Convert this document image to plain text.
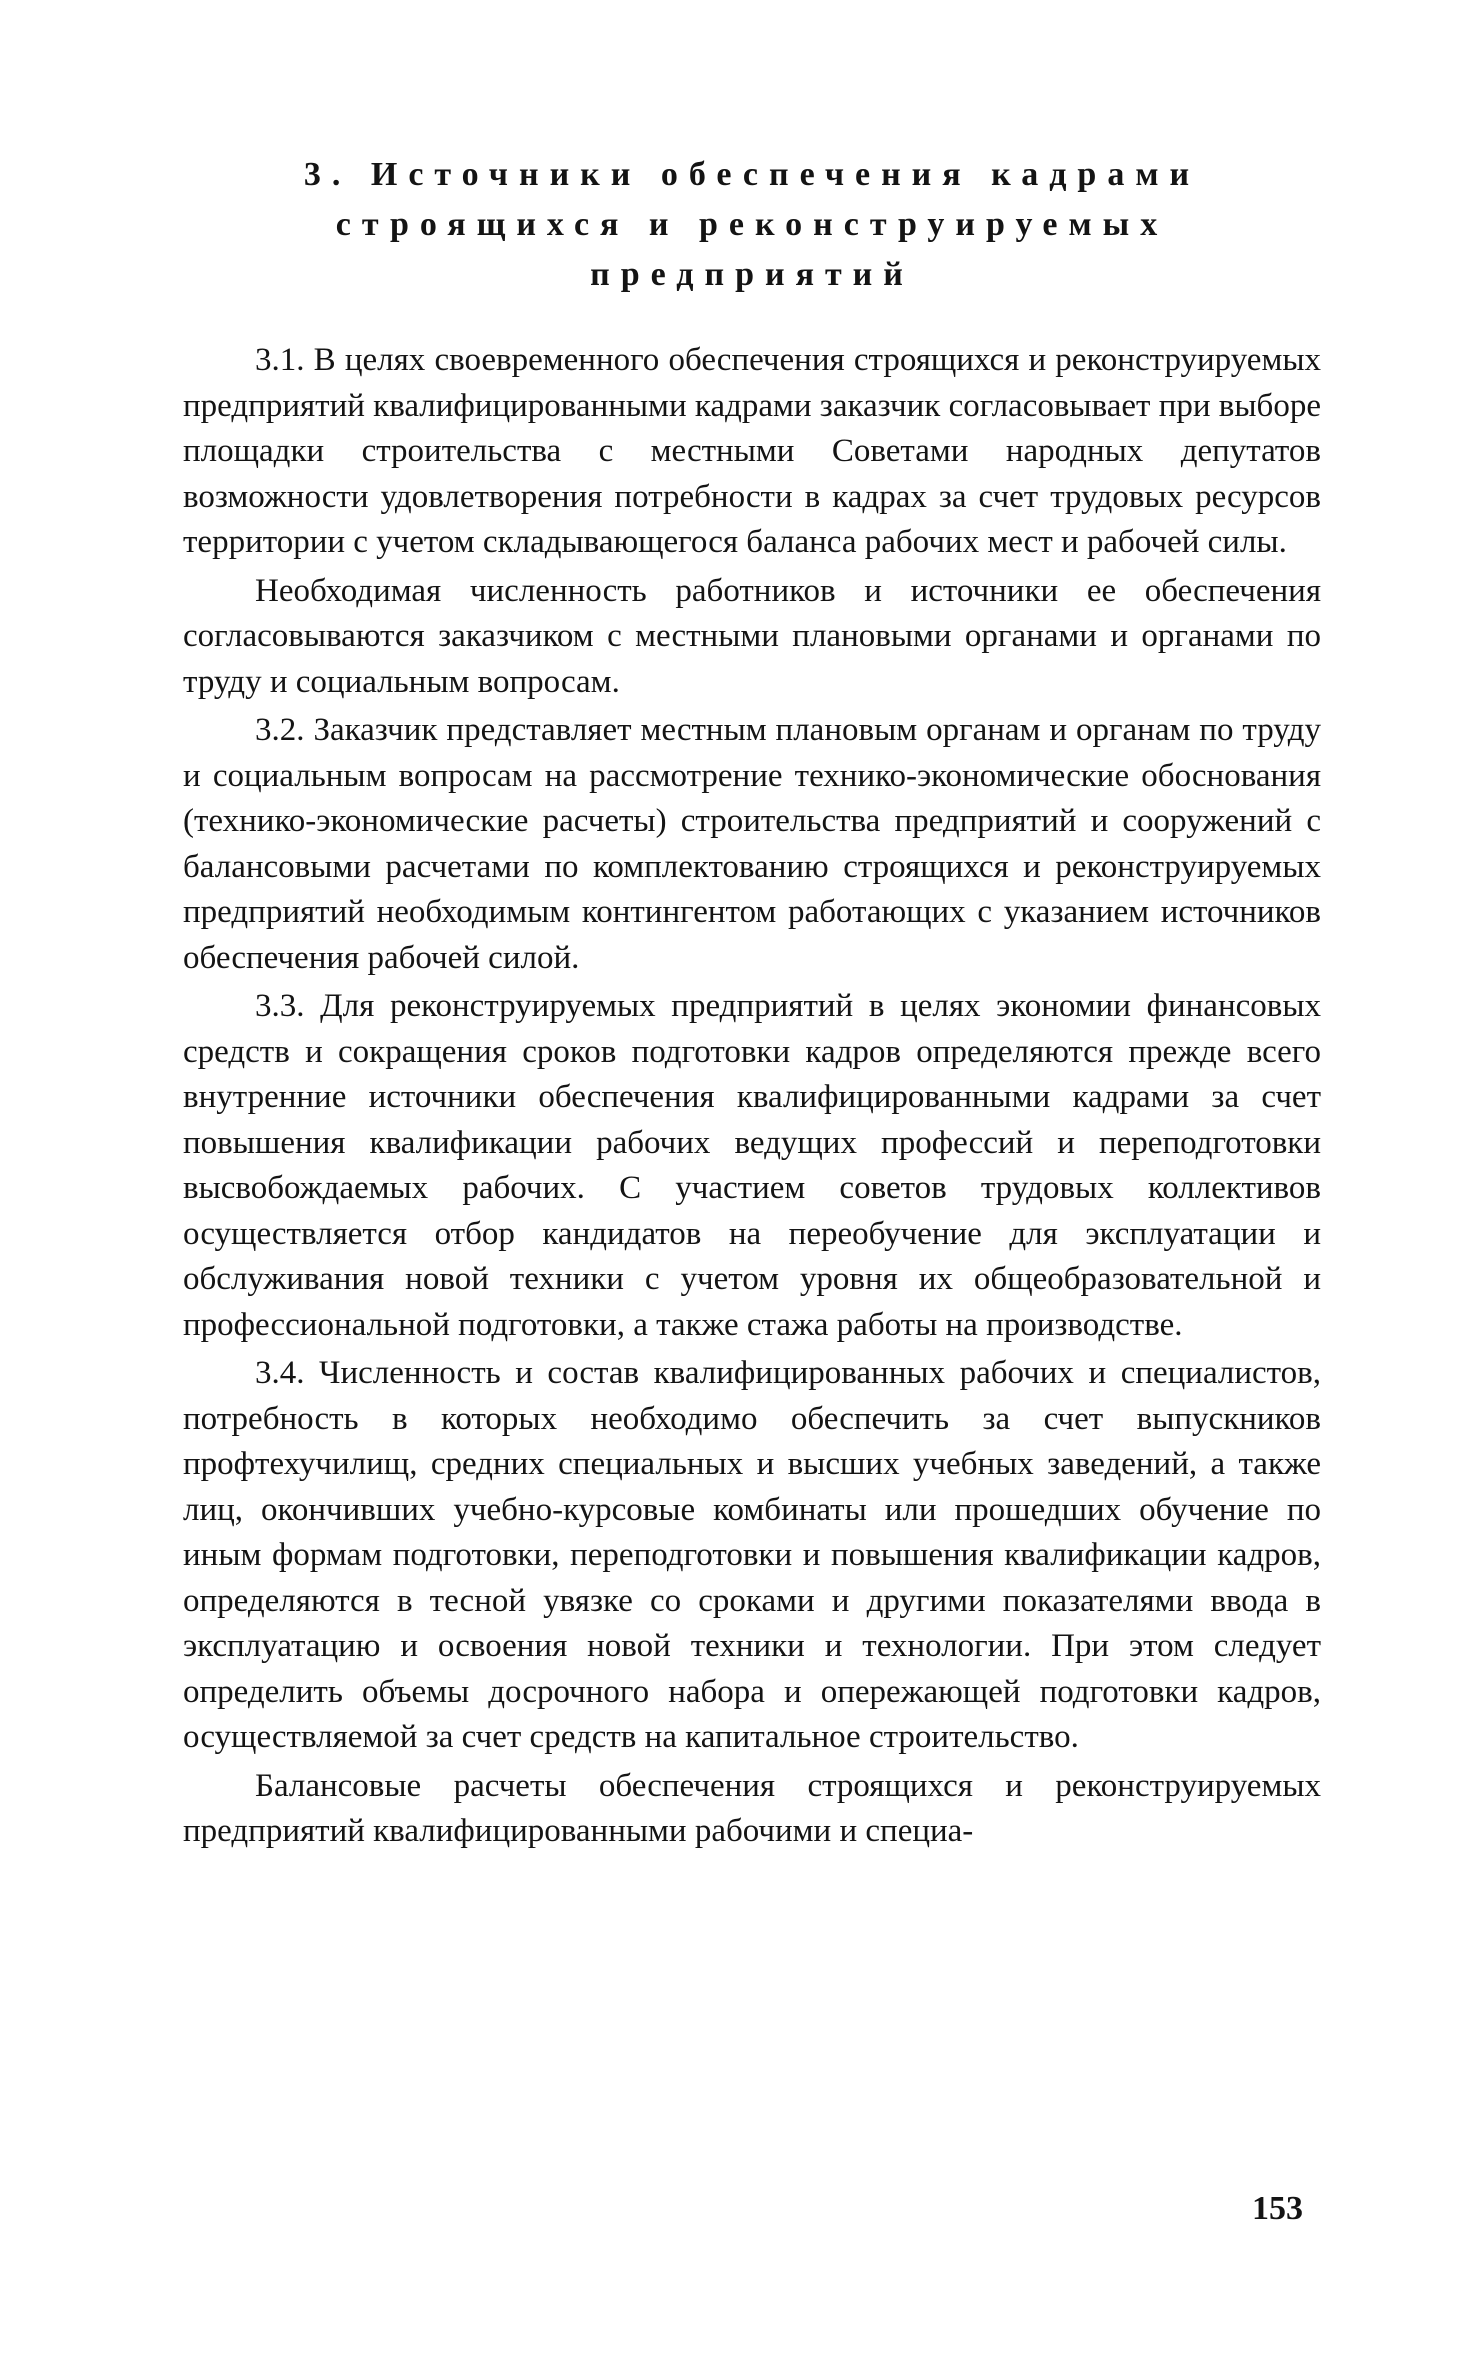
3. Источники обеспечения кадрами
строящихся и реконструируемых
предприятий

3.1. В целях своевременного обеспечения строящихся и реконструируемых предприятий квалифицированными кадрами заказчик согласовывает при выборе площадки строительства с местными Советами народных депутатов возможности удовлетворения потребности в кадрах за счет трудовых ресурсов территории с учетом складывающегося баланса рабочих мест и рабочей силы.

Необходимая численность работников и источники ее обеспечения согласовываются заказчиком с местными плановыми органами и органами по труду и социальным вопросам.

3.2. Заказчик представляет местным плановым органам и органам по труду и социальным вопросам на рассмотрение технико-экономические обоснования (технико-экономические расчеты) строительства предприятий и сооружений с балансовыми расчетами по комплектованию строящихся и реконструируемых предприятий необходимым контингентом работающих с указанием источников обеспечения рабочей силой.

3.3. Для реконструируемых предприятий в целях экономии финансовых средств и сокращения сроков подготовки кадров определяются прежде всего внутренние источники обеспечения квалифицированными кадрами за счет повышения квалификации рабочих ведущих профессий и переподготовки высвобождаемых рабочих. С участием советов трудовых коллективов осуществляется отбор кандидатов на переобучение для эксплуатации и обслуживания новой техники с учетом уровня их общеобразовательной и профессиональной подготовки, а также стажа работы на производстве.

3.4. Численность и состав квалифицированных рабочих и специалистов, потребность в которых необходимо обеспечить за счет выпускников профтехучилищ, средних специальных и высших учебных заведений, а также лиц, окончивших учебно-курсовые комбинаты или прошедших обучение по иным формам подготовки, переподготовки и повышения квалификации кадров, определяются в тесной увязке со сроками и другими показателями ввода в эксплуатацию и освоения новой техники и технологии. При этом следует определить объемы досрочного набора и опережающей подготовки кадров, осуществляемой за счет средств на капитальное строительство.

Балансовые расчеты обеспечения строящихся и реконструируемых предприятий квалифицированными рабочими и специа-

153
